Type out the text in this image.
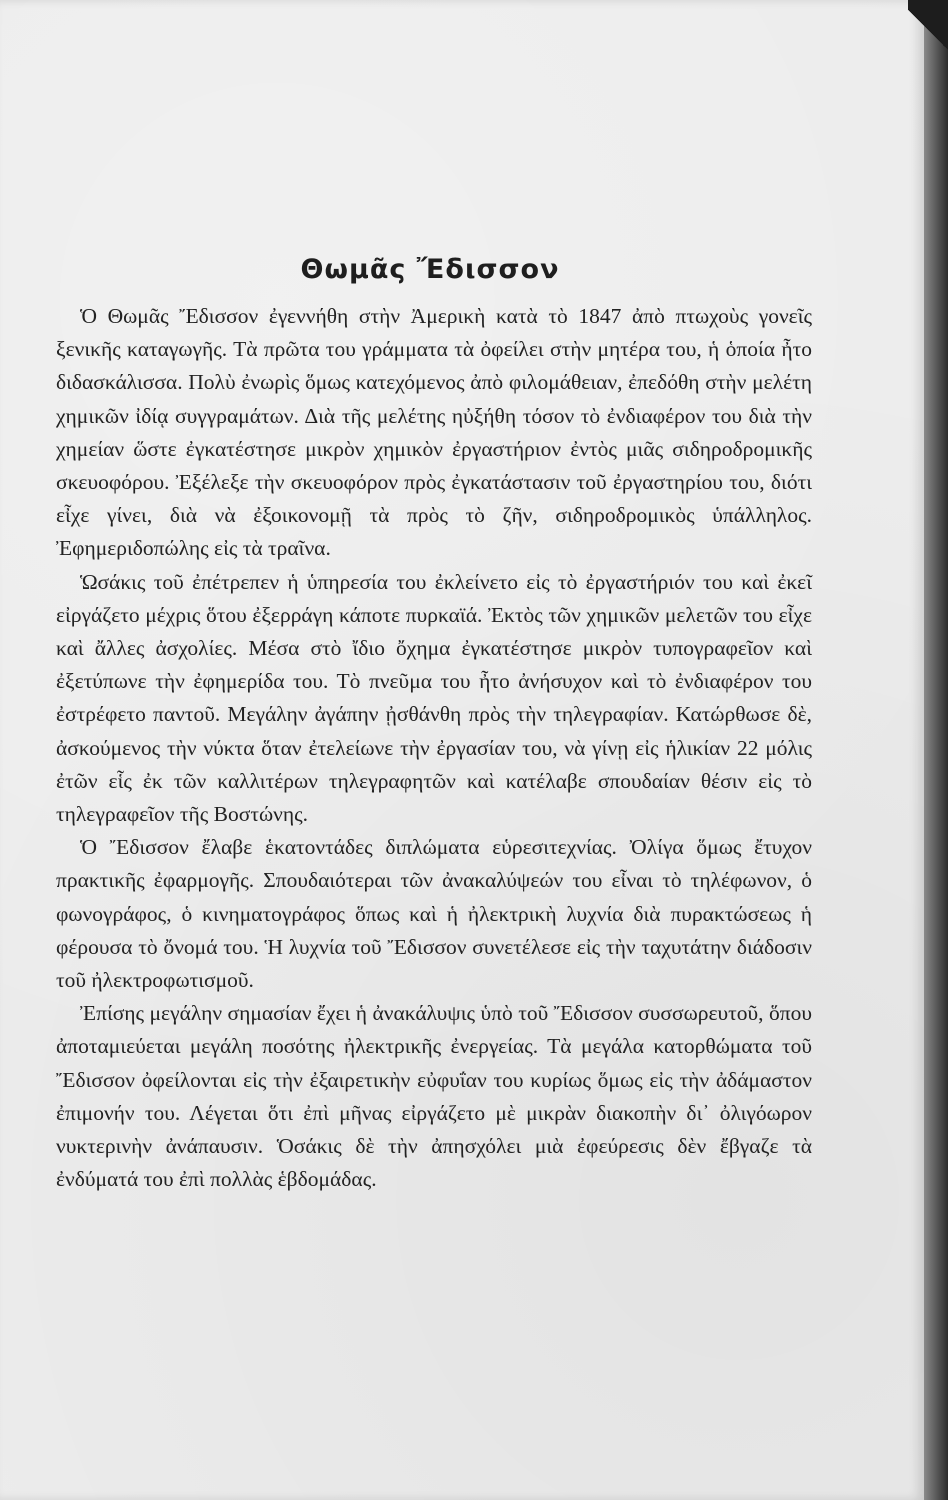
Θωμᾶς Ἔδισσον

Ὁ Θωμᾶς Ἔδισσον ἐγεννήθη στὴν Ἀμερικὴ κατὰ τὸ 1847 ἀπὸ πτωχοὺς γονεῖς ξενικῆς καταγωγῆς. Τὰ πρῶτα του γράμματα τὰ ὀφείλει στὴν μητέρα του, ἡ ὁποία ἦτο διδασκάλισσα. Πολὺ ἐνωρὶς ὅμως κατεχόμενος ἀπὸ φιλομάθειαν, ἐπεδόθη στὴν μελέτη χημικῶν ἰδίᾳ συγγραμάτων. Διὰ τῆς μελέτης ηὐξήθη τόσον τὸ ἐνδιαφέρον του διὰ τὴν χημείαν ὥστε ἐγκατέστησε μικρὸν χημικὸν ἐργαστήριον ἐντὸς μιᾶς σιδηροδρομικῆς σκευοφόρου. Ἐξέλεξε τὴν σκευοφόρον πρὸς ἐγκατάστασιν τοῦ ἐργαστηρίου του, διότι εἶχε γίνει, διὰ νὰ ἐξοικονομῇ τὰ πρὸς τὸ ζῆν, σιδηροδρομικὸς ὑπάλληλος. Ἐφημεριδοπώλης εἰς τὰ τραῖνα.

Ὡσάκις τοῦ ἐπέτρεπεν ἡ ὑπηρεσία του ἐκλείνετο εἰς τὸ ἐργαστήριόν του καὶ ἐκεῖ εἰργάζετο μέχρις ὅτου ἐξερράγη κάποτε πυρκαϊά. Ἐκτὸς τῶν χημικῶν μελετῶν του εἶχε καὶ ἄλλες ἀσχολίες. Μέσα στὸ ἴδιο ὄχημα ἐγκατέστησε μικρὸν τυπογραφεῖον καὶ ἐξετύπωνε τὴν ἐφημερίδα του. Τὸ πνεῦμα του ἦτο ἀνήσυχον καὶ τὸ ἐνδιαφέρον του ἐστρέφετο παντοῦ. Μεγάλην ἀγάπην ᾐσθάνθη πρὸς τὴν τηλεγραφίαν. Κατώρθωσε δὲ, ἀσκούμενος τὴν νύκτα ὅταν ἐτελείωνε τὴν ἐργασίαν του, νὰ γίνῃ εἰς ἡλικίαν 22 μόλις ἐτῶν εἷς ἐκ τῶν καλλιτέρων τηλεγραφητῶν καὶ κατέλαβε σπουδαίαν θέσιν εἰς τὸ τηλεγραφεῖον τῆς Βοστώνης.

Ὁ Ἔδισσον ἔλαβε ἑκατοντάδες διπλώματα εὑρεσιτεχνίας. Ὀλίγα ὅμως ἔτυχον πρακτικῆς ἐφαρμογῆς. Σπουδαιότεραι τῶν ἀνακαλύψεών του εἶναι τὸ τηλέφωνον, ὁ φωνογράφος, ὁ κινηματογράφος ὅπως καὶ ἡ ἠλεκτρικὴ λυχνία διὰ πυρακτώσεως ἡ φέρουσα τὸ ὄνομά του. Ἡ λυχνία τοῦ Ἔδισσον συνετέλεσε εἰς τὴν ταχυτάτην διάδοσιν τοῦ ἠλεκτροφωτισμοῦ.

Ἐπίσης μεγάλην σημασίαν ἔχει ἡ ἀνακάλυψις ὑπὸ τοῦ Ἔδισσον συσσωρευτοῦ, ὅπου ἀποταμιεύεται μεγάλη ποσότης ἠλεκτρικῆς ἐνεργείας. Τὰ μεγάλα κατορθώματα τοῦ Ἔδισσον ὀφείλονται εἰς τὴν ἐξαιρετικὴν εὐφυΐαν του κυρίως ὅμως εἰς τὴν ἀδάμαστον ἐπιμονήν του. Λέγεται ὅτι ἐπὶ μῆνας εἰργάζετο μὲ μικρὰν διακοπὴν δι᾿ ὀλιγόωρον νυκτερινὴν ἀνάπαυσιν. Ὁσάκις δὲ τὴν ἀπησχόλει μιὰ ἐφεύρεσις δὲν ἔβγαζε τὰ ἐνδύματά του ἐπὶ πολλὰς ἑβδομάδας.
